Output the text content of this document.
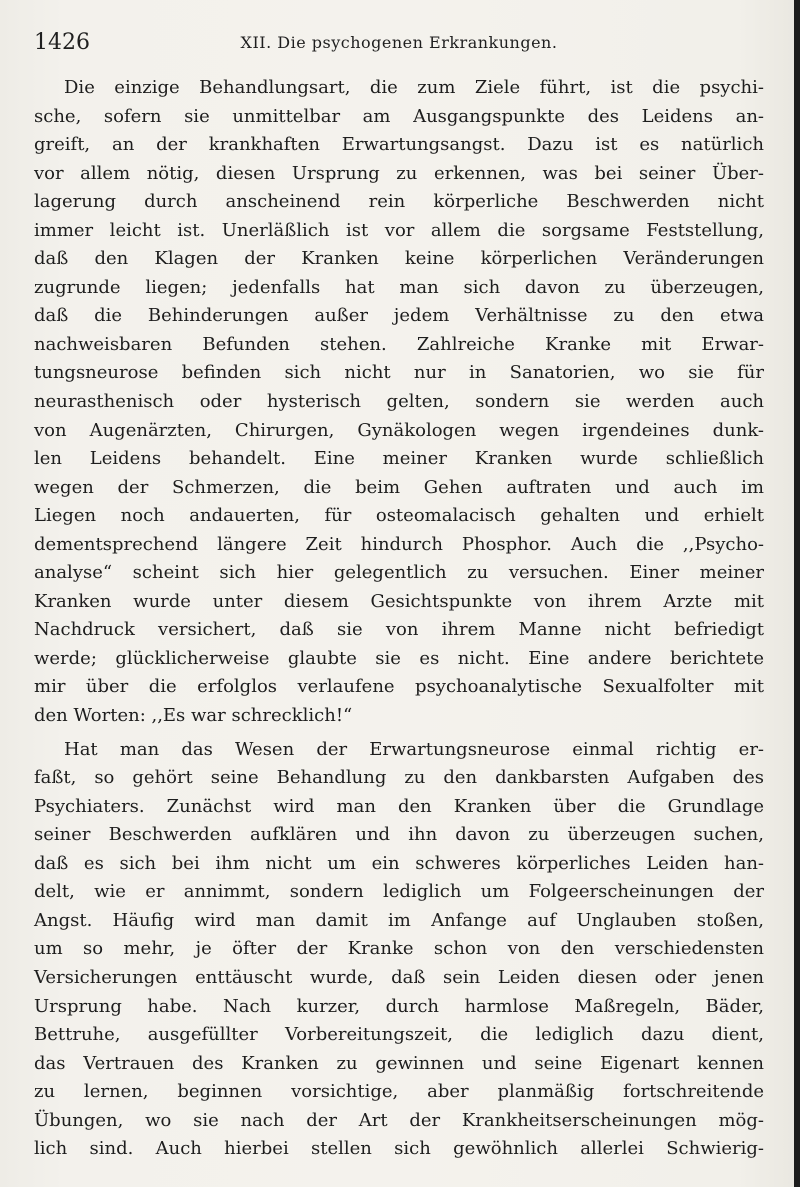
1426	XII. Die psychogenen Erkrankungen.
Die einzige Behandlungsart, die zum Ziele führt, ist die psychi-
sche, sofern sie unmittelbar am Ausgangspunkte des Leidens an-
greift, an der krankhaften Erwartungsangst. Dazu ist es natürlich
vor allem nötig, diesen Ursprung zu erkennen, was bei seiner Über-
lagerung durch anscheinend rein körperliche Beschwerden nicht
immer leicht ist. Unerläßlich ist vor allem die sorgsame Feststellung,
daß den Klagen der Kranken keine körperlichen Veränderungen
zugrunde liegen; jedenfalls hat man sich davon zu überzeugen,
daß die Behinderungen außer jedem Verhältnisse zu den etwa
nachweisbaren Befunden stehen. Zahlreiche Kranke mit Erwar-
tungsneurose befinden sich nicht nur in Sanatorien, wo sie für
neurasthenisch oder hysterisch gelten, sondern sie werden auch
von Augenärzten, Chirurgen, Gynäkologen wegen irgendeines dunk-
len Leidens behandelt. Eine meiner Kranken wurde schließlich
wegen der Schmerzen, die beim Gehen auftraten und auch im
Liegen noch andauerten, für osteomalacisch gehalten und erhielt
dementsprechend längere Zeit hindurch Phosphor. Auch die ,,Psycho-
analyse“ scheint sich hier gelegentlich zu versuchen. Einer meiner
Kranken wurde unter diesem Gesichtspunkte von ihrem Arzte mit
Nachdruck versichert, daß sie von ihrem Manne nicht befriedigt
werde; glücklicherweise glaubte sie es nicht. Eine andere berichtete
mir über die erfolglos verlaufene psychoanalytische Sexualfolter mit
den Worten: ,,Es war schrecklich!“
Hat man das Wesen der Erwartungsneurose einmal richtig er-
faßt, so gehört seine Behandlung zu den dankbarsten Aufgaben des
Psychiaters. Zunächst wird man den Kranken über die Grundlage
seiner Beschwerden aufklären und ihn davon zu überzeugen suchen,
daß es sich bei ihm nicht um ein schweres körperliches Leiden han-
delt, wie er annimmt, sondern lediglich um Folgeerscheinungen der
Angst. Häufig wird man damit im Anfange auf Unglauben stoßen,
um so mehr, je öfter der Kranke schon von den verschiedensten
Versicherungen enttäuscht wurde, daß sein Leiden diesen oder jenen
Ursprung habe. Nach kurzer, durch harmlose Maßregeln, Bäder,
Bettruhe, ausgefüllter Vorbereitungszeit, die lediglich dazu dient,
das Vertrauen des Kranken zu gewinnen und seine Eigenart kennen
zu lernen, beginnen vorsichtige, aber planmäßig fortschreitende
Übungen, wo sie nach der Art der Krankheitserscheinungen mög-
lich sind. Auch hierbei stellen sich gewöhnlich allerlei Schwierig-
